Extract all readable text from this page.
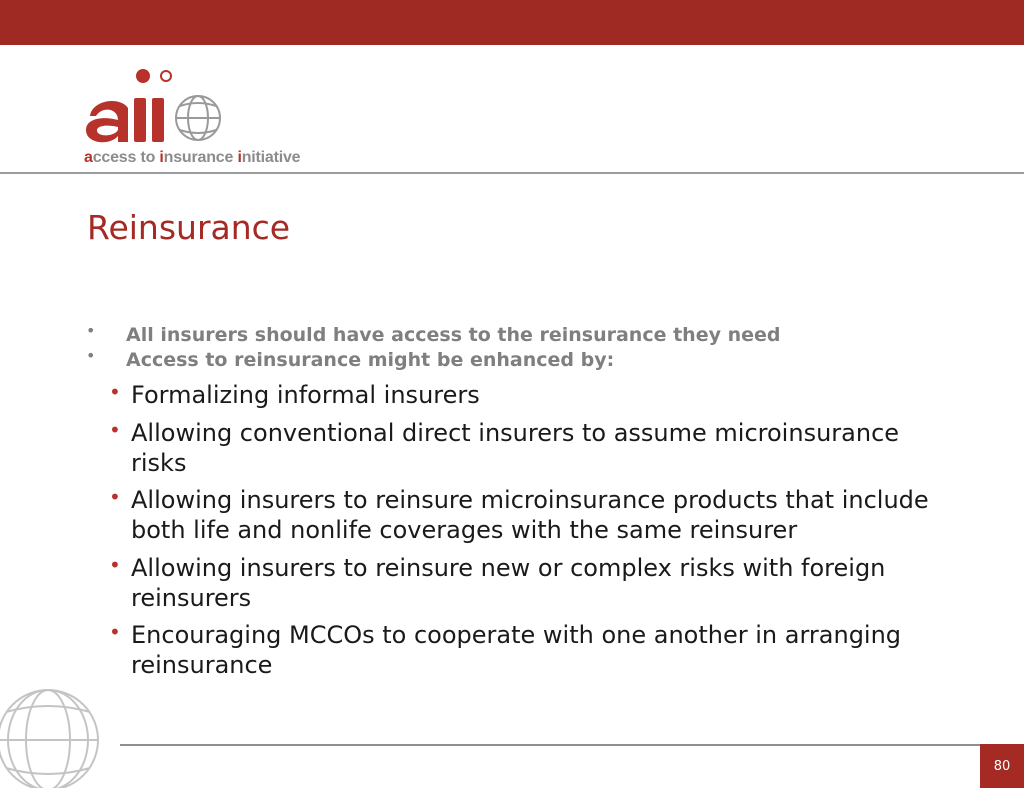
access to insurance initiative
Reinsurance
• All insurers should have access to the reinsurance they need
• Access to reinsurance might be enhanced by:
• Formalizing informal insurers
• Allowing conventional direct insurers to assume microinsurance risks
• Allowing insurers to reinsure microinsurance products that include both life and nonlife coverages with the same reinsurer
• Allowing insurers to reinsure new or complex risks with foreign reinsurers
• Encouraging MCCOs to cooperate with one another in arranging reinsurance
80
